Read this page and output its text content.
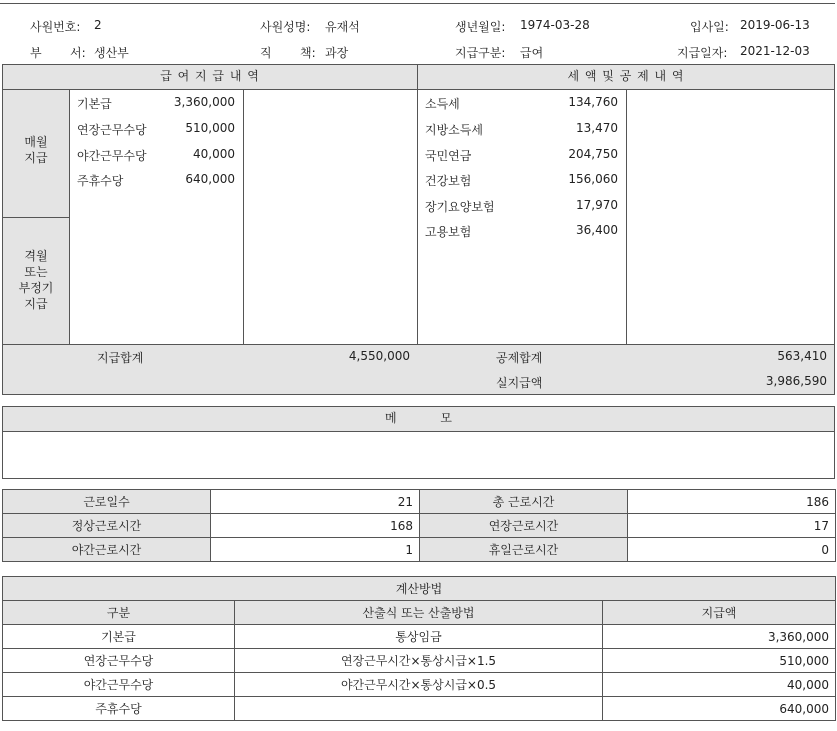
사원번호: 2	사원성명: 유재석	생년월일: 1974-03-28	입사일: 2019-06-13
부 서: 생산부	직 책: 과장	지급구분: 급여	지급일자: 2021-12-03
급 여 지 급 내 역	세 액 및 공 제 내 역
매월
지급
격월
또는
부정기
지급
기본급	3,360,000
연장근무수당	510,000
야간근무수당	40,000
주휴수당	640,000
소득세	134,760
지방소득세	13,470
국민연금	204,750
건강보험	156,060
장기요양보험	17,970
고용보험	36,400
지급합계	4,550,000	공제합계	563,410
실지급액	3,986,590
메 모
근로일수	21	총 근로시간	186
정상근로시간	168	연장근로시간	17
야간근로시간	1	휴일근로시간	0
계산방법		
구분	산출식 또는 산출방법	지급액
기본급	통상임금	3,360,000
연장근무수당	연장근무시간×통상시급×1.5	510,000
야간근무수당	야간근무시간×통상시급×0.5	40,000
주휴수당		640,000
